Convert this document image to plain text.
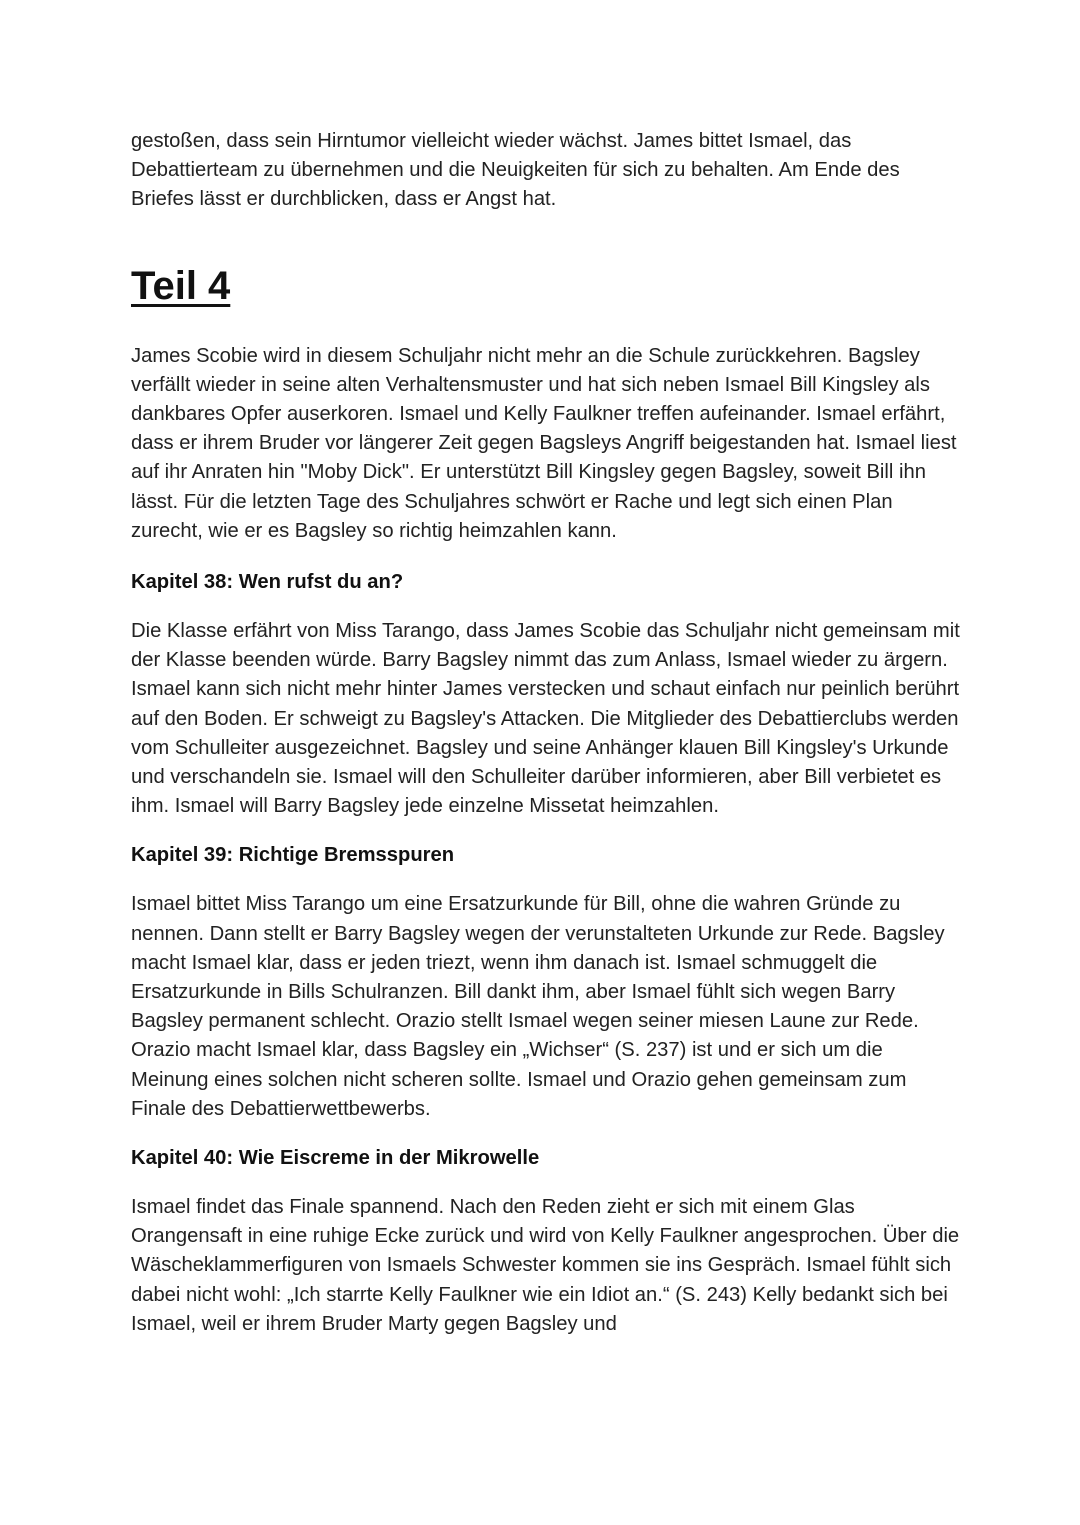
gestoßen, dass sein Hirntumor vielleicht wieder wächst. James bittet Ismael, das Debattierteam zu übernehmen und die Neuigkeiten für sich zu behalten. Am Ende des Briefes lässt er durchblicken, dass er Angst hat.

Teil 4

James Scobie wird in diesem Schuljahr nicht mehr an die Schule zurückkehren. Bagsley verfällt wieder in seine alten Verhaltensmuster und hat sich neben Ismael Bill Kingsley als dankbares Opfer auserkoren. Ismael und Kelly Faulkner treffen aufeinander. Ismael erfährt, dass er ihrem Bruder vor längerer Zeit gegen Bagsleys Angriff beigestanden hat. Ismael liest auf ihr Anraten hin "Moby Dick". Er unterstützt Bill Kingsley gegen Bagsley, soweit Bill ihn lässt. Für die letzten Tage des Schuljahres schwört er Rache und legt sich einen Plan zurecht, wie er es Bagsley so richtig heimzahlen kann.

Kapitel 38: Wen rufst du an?

Die Klasse erfährt von Miss Tarango, dass James Scobie das Schuljahr nicht gemeinsam mit der Klasse beenden würde. Barry Bagsley nimmt das zum Anlass, Ismael wieder zu ärgern. Ismael kann sich nicht mehr hinter James verstecken und schaut einfach nur peinlich berührt auf den Boden. Er schweigt zu Bagsley's Attacken. Die Mitglieder des Debattierclubs werden vom Schulleiter ausgezeichnet. Bagsley und seine Anhänger klauen Bill Kingsley's Urkunde und verschandeln sie. Ismael will den Schulleiter darüber informieren, aber Bill verbietet es ihm. Ismael will Barry Bagsley jede einzelne Missetat heimzahlen.

Kapitel 39: Richtige Bremsspuren

Ismael bittet Miss Tarango um eine Ersatzurkunde für Bill, ohne die wahren Gründe zu nennen. Dann stellt er Barry Bagsley wegen der verunstalteten Urkunde zur Rede. Bagsley macht Ismael klar, dass er jeden triezt, wenn ihm danach ist. Ismael schmuggelt die Ersatzurkunde in Bills Schulranzen. Bill dankt ihm, aber Ismael fühlt sich wegen Barry Bagsley permanent schlecht. Orazio stellt Ismael wegen seiner miesen Laune zur Rede. Orazio macht Ismael klar, dass Bagsley ein „Wichser“ (S. 237) ist und er sich um die Meinung eines solchen nicht scheren sollte. Ismael und Orazio gehen gemeinsam zum Finale des Debattierwettbewerbs.

Kapitel 40: Wie Eiscreme in der Mikrowelle

Ismael findet das Finale spannend. Nach den Reden zieht er sich mit einem Glas Orangensaft in eine ruhige Ecke zurück und wird von Kelly Faulkner angesprochen. Über die Wäscheklammerfiguren von Ismaels Schwester kommen sie ins Gespräch. Ismael fühlt sich dabei nicht wohl: „Ich starrte Kelly Faulkner wie ein Idiot an.“ (S. 243) Kelly bedankt sich bei Ismael, weil er ihrem Bruder Marty gegen Bagsley und
